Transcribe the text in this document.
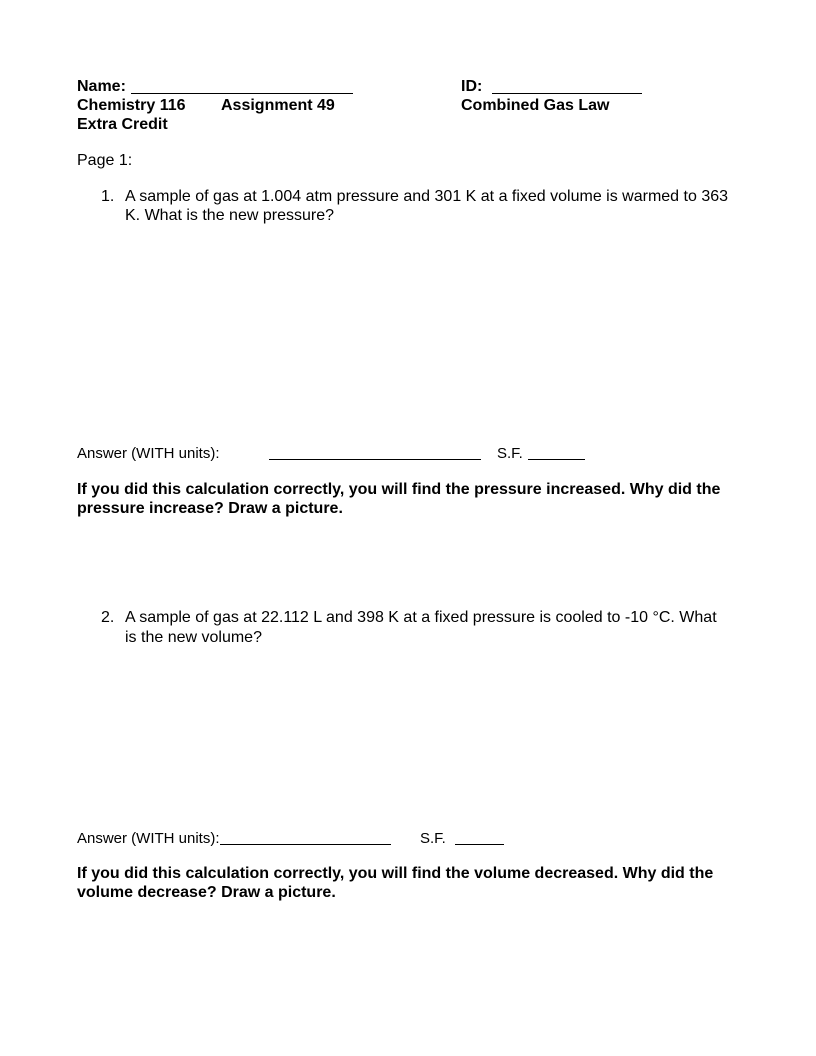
Name:	ID:
Chemistry 116 Assignment 49	Combined Gas Law
Extra Credit
Page 1:
1. A sample of gas at 1.004 atm pressure and 301 K at a fixed volume is warmed to 363
K. What is the new pressure?
Answer (WITH units):	S.F.
If you did this calculation correctly, you will find the pressure increased. Why did the
pressure increase? Draw a picture.
2. A sample of gas at 22.112 L and 398 K at a fixed pressure is cooled to -10 °C. What
is the new volume?
Answer (WITH units):	S.F.
If you did this calculation correctly, you will find the volume decreased. Why did the
volume decrease? Draw a picture.
